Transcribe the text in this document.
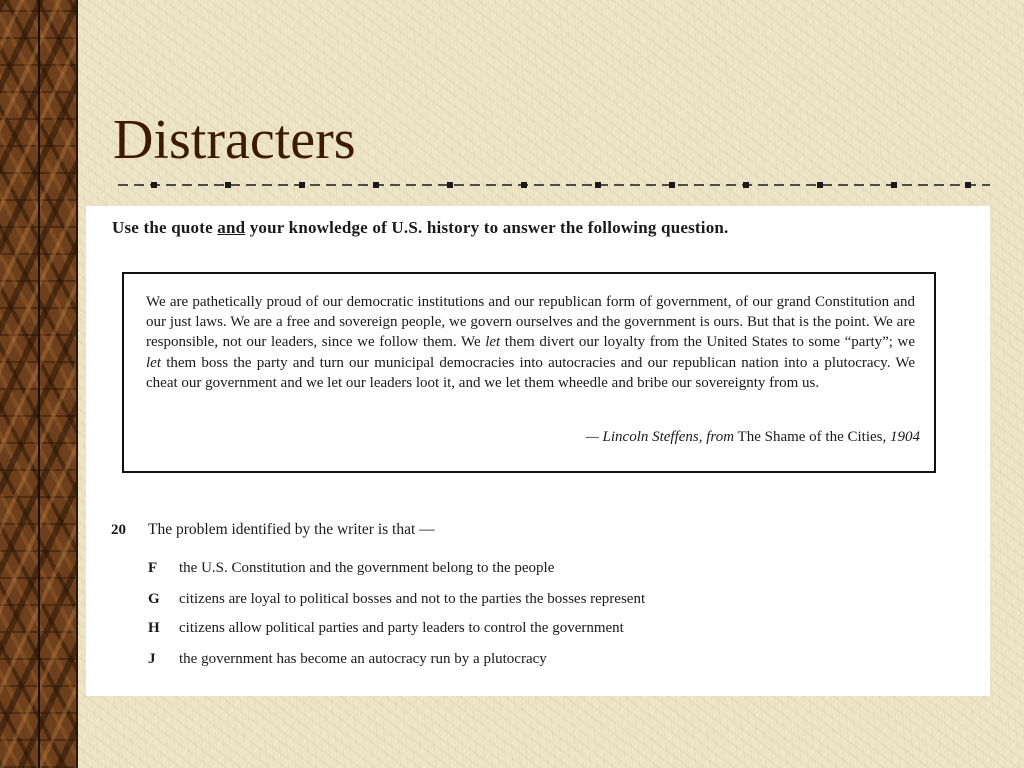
Distracters
Use the quote and your knowledge of U.S. history to answer the following question.

We are pathetically proud of our democratic institutions and our republican form of government, of our grand Constitution and our just laws. We are a free and sovereign people, we govern ourselves and the government is ours. But that is the point. We are responsible, not our leaders, since we follow them. We let them divert our loyalty from the United States to some “party”; we let them boss the party and turn our municipal democracies into autocracies and our republican nation into a plutocracy. We cheat our government and we let our leaders loot it, and we let them wheedle and bribe our sovereignty from us.

— Lincoln Steffens, from The Shame of the Cities, 1904
20 The problem identified by the writer is that —
F the U.S. Constitution and the government belong to the people
G citizens are loyal to political bosses and not to the parties the bosses represent
H citizens allow political parties and party leaders to control the government
J the government has become an autocracy run by a plutocracy
